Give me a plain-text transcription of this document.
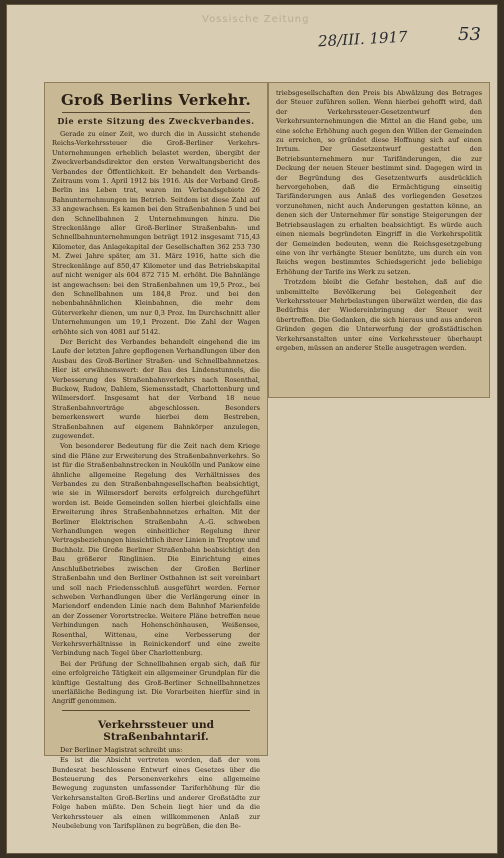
Vossische Zeitung
28/III. 1917	53
Groß Berlins Verkehr.
Die erste Sitzung des Zweckverbandes.

Gerade zu einer Zeit, wo durch die in Aussicht stehende Reichs-Verkehrssteuer die Groß-Berliner Verkehrs-Unternehmungen erheblich belastet werden, übergibt der Zweckverbandsdirektor den ersten Verwaltungsbericht des Verbandes der Öffentlichkeit. Er behandelt den Verbands-Zeitraum vom 1. April 1912 bis 1916. Als der Verband Groß-Berlin ins Leben trat, waren im Verbandsgebiete 26 Bahnunternehmungen im Betrieb. Seitdem ist diese Zahl auf 33 angewachsen. Es kamen bei den Straßenbahnen 5 und bei den Schnellbahnen 2 Unternehmungen hinzu. Die Streckenlänge aller Groß-Berliner Straßenbahn- und Schnellbahnunternehmungen beträgt 1912 insgesamt 715,43 Kilometer, das Anlagekapital der Gesellschaften 362 253 730 M. Zwei Jahre später, am 31. März 1916, hatte sich die Streckenlänge auf 850,47 Kilometer und das Betriebskapital auf nicht weniger als 604 872 715 M. erhöht. Die Bahnlänge ist angewachsen: bei den Straßenbahnen um 19,5 Proz., bei den Schnellbahnen um 184,8 Proz. und bei den nebenbahnähnlichen Kleinbahnen, die mehr dem Güterverkehr dienen, um nur 0,3 Proz. Im Durchschnitt aller Unternehmungen um 19,1 Prozent. Die Zahl der Wagen erhöhte sich von 4081 auf 5142.

Der Bericht des Verbandes behandelt eingehend die im Laufe der letzten Jahre gepflogenen Verhandlungen über den Ausbau des Groß-Berliner Straßen- und Schnellbahnnetzes. Hier ist erwähnenswert: der Bau des Lindenstunnels, die Verbesserung des Straßenbahnverkehrs nach Rosenthal, Buckow, Rudow, Dahlem, Siemensstadt, Charlottenburg und Wilmersdorf. Insgesamt hat der Verband 18 neue Straßenbahnverträge abgeschlossen. Besonders bemerkenswert wurde hierbei dem Bestreben, Straßenbahnen auf eigenem Bahnkörper anzulegen, zugewendet.

Von besonderer Bedeutung für die Zeit nach dem Kriege sind die Pläne zur Erweiterung des Straßenbahnverkehrs. So ist für die Straßenbahnstrecken in Neukölln und Pankow eine ähnliche allgemeine Regelung des Verhältnisses des Verbandes zu den Straßenbahngesellschaften beabsichtigt, wie sie in Wilmersdorf bereits erfolgreich durchgeführt worden ist. Beide Gemeinden sollen hierbei gleichfalls eine Erweiterung ihres Straßenbahnnetzes erhalten. Mit der Berliner Elektrischen Straßenbahn A.-G. schweben Verhandlungen wegen einheitlicher Regelung ihrer Vertragsbeziehungen hinsichtlich ihrer Linien in Treptow und Buchholz. Die Große Berliner Straßenbahn beabsichtigt den Bau größerer Ringlinien. Die Einrichtung eines Anschlußbetriebes zwischen der Großen Berliner Straßenbahn und den Berliner Ostbahnen ist seit vereinbart und soll nach Friedensschluß ausgeführt werden. Ferner schweben Verhandlungen über die Verlängerung einer in Mariendorf endenden Linie nach dem Bahnhof Marienfelde an der Zossener Vorortstrecke. Weitere Pläne betreffen neue Verbindungen nach Hohenschönhausen, Weißensee, Rosenthal, Wittenau, eine Verbesserung der Verkehrsverhältnisse in Reinickendorf und eine zweite Verbindung nach Tegel über Charlottenburg.

Bei der Prüfung der Schnellbahnen ergab sich, daß für eine erfolgreiche Tätigkeit ein allgemeiner Grundplan für die künftige Gestaltung des Groß-Berliner Schnellbahnnetzes unerläßliche Bedingung ist. Die Vorarbeiten hierfür sind in Angriff genommen.

Verkehrssteuer und Straßenbahntarif.

Der Berliner Magistrat schreibt uns:

Es ist die Absicht vertreten worden, daß der vom Bundesrat beschlossene Entwurf eines Gesetzes über die Besteuerung des Personenverkehrs eine allgemeine Bewegung zugunsten umfassender Tariferhöhung für die Verkehrsanstalten Groß-Berlins und anderer Großstädte zur Folge haben müßte. Den Schein liegt hier und da die Verkehrssteuer als einen willkommenen Anlaß zur Neubelebung von Tarifsplänen zu begrüßen, die den Be-

triebsgesellschaften den Preis bis Abwälzung des Betrages der Steuer zuführen sollen. Wenn hierbei gehofft wird, daß der Verkehrssteuer-Gesetzentwurf den Verkehrsunternehmungen die Mittel an die Hand gebe, um eine solche Erhöhung auch gegen den Willen der Gemeinden zu erreichen, so gründet diese Hoffnung sich auf einen Irrtum. Der Gesetzentwurf gestattet den Betriebsunternehmern nur Tarifänderungen, die zur Deckung der neuen Steuer bestimmt sind. Dagegen wird in der Begründung des Gesetzentwurfs ausdrücklich hervorgehoben, daß die Ermächtigung einseitig Tarifänderungen aus Anlaß des vorliegenden Gesetzes vorzunehmen, nicht auch Änderungen gestatten könne, an denen sich der Unternehmer für sonstige Steigerungen der Betriebsauslagen zu erhalten beabsichtigt. Es würde auch einen niemals begründeten Eingriff in die Verkehrspolitik der Gemeinden bedeuten, wenn die Reichsgesetzgebung eine von ihr verhängte Steuer benützte, um durch ein von Reichs wegen bestimmtes Schiedsgericht jede beliebige Erhöhung der Tarife ins Werk zu setzen.

Trotzdem bleibt die Gefahr bestehen, daß auf die unbemittelte Bevölkerung bei Gelegenheit der Verkehrssteuer Mehrbelastungen überwälzt werden, die das Bedürfnis der Wiedereinbringung der Steuer weit übertreffen. Die Gedanken, die sich hieraus und aus anderen Gründen gegen die Unterwerfung der großstädtischen Verkehrsanstalten unter eine Verkehrssteuer überhaupt ergeben, müssen an anderer Stelle ausgetragen werden.
